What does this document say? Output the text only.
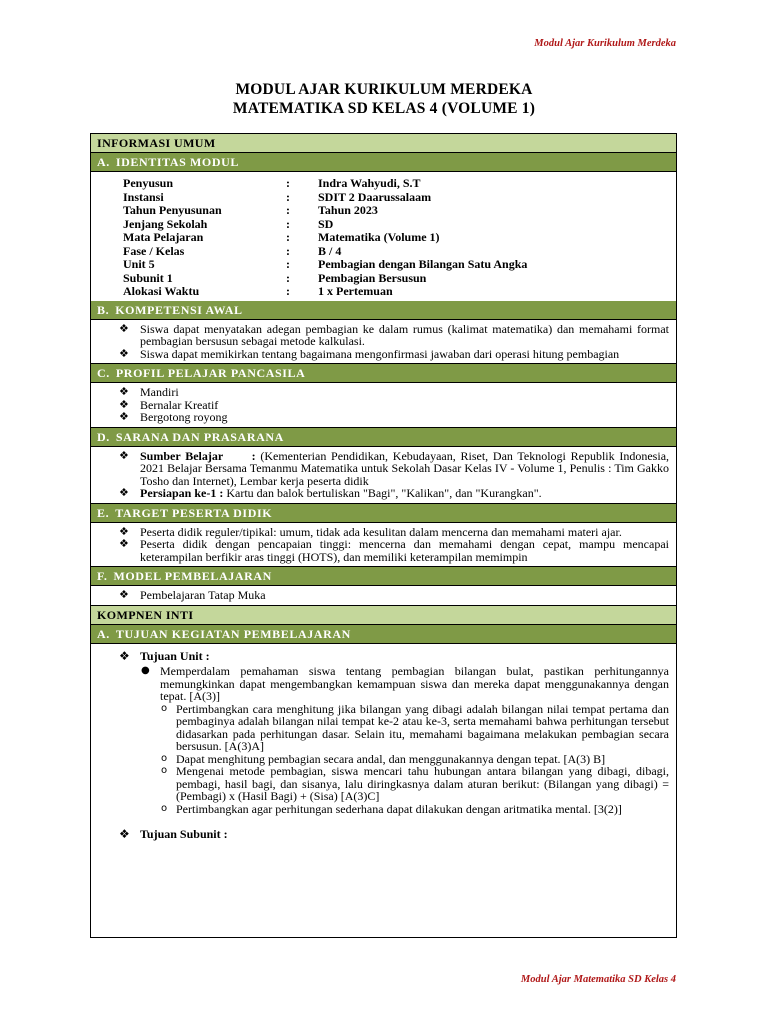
Modul Ajar Kurikulum Merdeka
MODUL AJAR KURIKULUM MERDEKA
MATEMATIKA SD KELAS 4 (VOLUME 1)
INFORMASI UMUM
A. IDENTITAS MODUL
Penyusun	:	Indra Wahyudi, S.T
Instansi	:	SDIT 2 Daarussalaam
Tahun Penyusunan	:	Tahun 2023
Jenjang Sekolah	:	SD
Mata Pelajaran	:	Matematika (Volume 1)
Fase / Kelas	:	B / 4
Unit 5	:	Pembagian dengan Bilangan Satu Angka
Subunit 1	:	Pembagian Bersusun
Alokasi Waktu	:	1 x Pertemuan
B. KOMPETENSI AWAL
❖ Siswa dapat menyatakan adegan pembagian ke dalam rumus (kalimat matematika) dan memahami format pembagian bersusun sebagai metode kalkulasi.
❖ Siswa dapat memikirkan tentang bagaimana mengonfirmasi jawaban dari operasi hitung pembagian
C. PROFIL PELAJAR PANCASILA
❖ Mandiri
❖ Bernalar Kreatif
❖ Bergotong royong
D. SARANA DAN PRASARANA
❖ Sumber Belajar : (Kementerian Pendidikan, Kebudayaan, Riset, Dan Teknologi Republik Indonesia, 2021 Belajar Bersama Temanmu Matematika untuk Sekolah Dasar Kelas IV - Volume 1, Penulis : Tim Gakko Tosho dan Internet), Lembar kerja peserta didik
❖ Persiapan ke-1 : Kartu dan balok bertuliskan "Bagi", "Kalikan", dan "Kurangkan".
E. TARGET PESERTA DIDIK
❖ Peserta didik reguler/tipikal: umum, tidak ada kesulitan dalam mencerna dan memahami materi ajar.
❖ Peserta didik dengan pencapaian tinggi: mencerna dan memahami dengan cepat, mampu mencapai keterampilan berfikir aras tinggi (HOTS), dan memiliki keterampilan memimpin
F. MODEL PEMBELAJARAN
❖ Pembelajaran Tatap Muka
KOMPNEN INTI
A. TUJUAN KEGIATAN PEMBELAJARAN
❖ Tujuan Unit :
● Memperdalam pemahaman siswa tentang pembagian bilangan bulat, pastikan perhitungannya memungkinkan dapat mengembangkan kemampuan siswa dan mereka dapat menggunakannya dengan tepat. [A(3)]
o Pertimbangkan cara menghitung jika bilangan yang dibagi adalah bilangan nilai tempat pertama dan pembaginya adalah bilangan nilai tempat ke-2 atau ke-3, serta memahami bahwa perhitungan tersebut didasarkan pada perhitungan dasar. Selain itu, memahami bagaimana melakukan pembagian secara bersusun. [A(3)A]
o Dapat menghitung pembagian secara andal, dan menggunakannya dengan tepat. [A(3) B]
o Mengenai metode pembagian, siswa mencari tahu hubungan antara bilangan yang dibagi, dibagi, pembagi, hasil bagi, dan sisanya, lalu diringkasnya dalam aturan berikut: (Bilangan yang dibagi) = (Pembagi) x (Hasil Bagi) + (Sisa) [A(3)C]
o Pertimbangkan agar perhitungan sederhana dapat dilakukan dengan aritmatika mental. [3(2)]
❖ Tujuan Subunit :
Modul Ajar Matematika SD Kelas 4
